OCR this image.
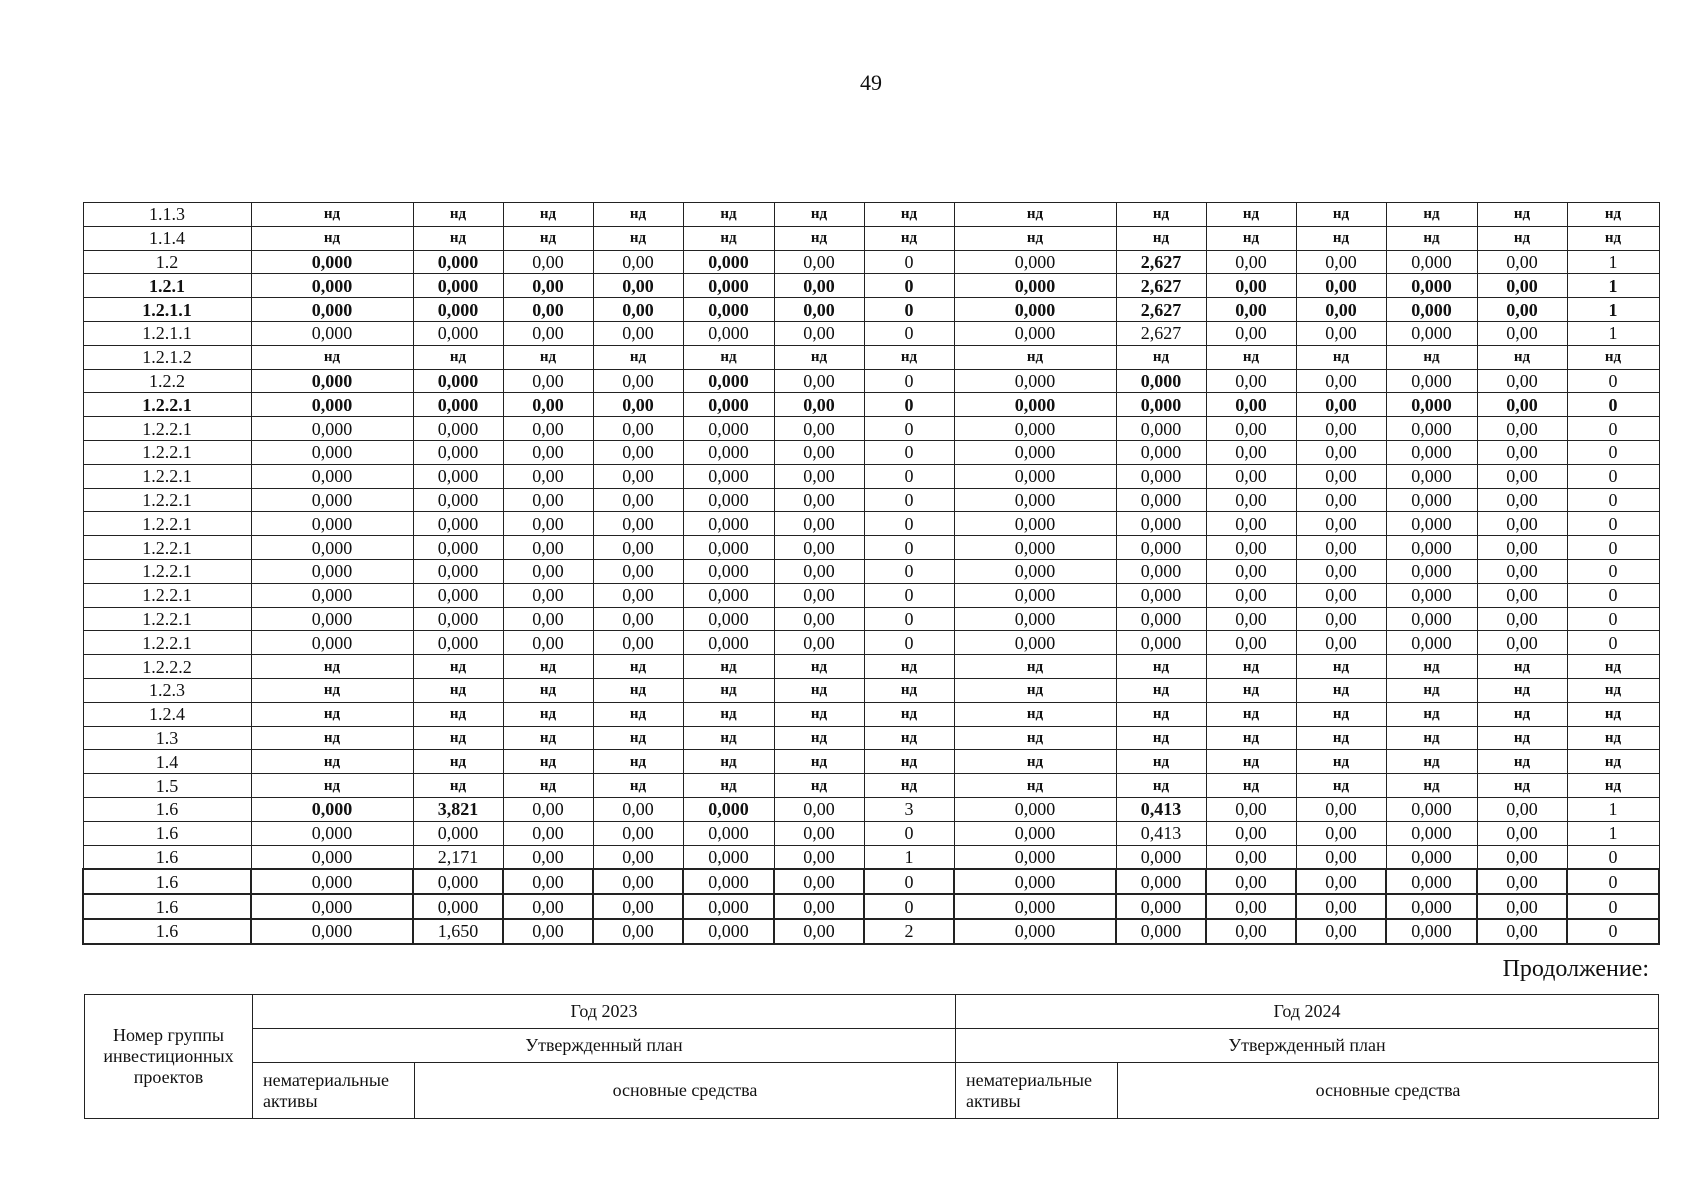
49
1.1.3	нд	нд	нд	нд	нд	нд	нд	нд	нд	нд	нд	нд	нд	нд
1.1.4	нд	нд	нд	нд	нд	нд	нд	нд	нд	нд	нд	нд	нд	нд
1.2	0,000	0,000	0,00	0,00	0,000	0,00	0	0,000	2,627	0,00	0,00	0,000	0,00	1
1.2.1	0,000	0,000	0,00	0,00	0,000	0,00	0	0,000	2,627	0,00	0,00	0,000	0,00	1
1.2.1.1	0,000	0,000	0,00	0,00	0,000	0,00	0	0,000	2,627	0,00	0,00	0,000	0,00	1
1.2.1.1	0,000	0,000	0,00	0,00	0,000	0,00	0	0,000	2,627	0,00	0,00	0,000	0,00	1
1.2.1.2	нд	нд	нд	нд	нд	нд	нд	нд	нд	нд	нд	нд	нд	нд
1.2.2	0,000	0,000	0,00	0,00	0,000	0,00	0	0,000	0,000	0,00	0,00	0,000	0,00	0
1.2.2.1	0,000	0,000	0,00	0,00	0,000	0,00	0	0,000	0,000	0,00	0,00	0,000	0,00	0
1.2.2.1	0,000	0,000	0,00	0,00	0,000	0,00	0	0,000	0,000	0,00	0,00	0,000	0,00	0
1.2.2.1	0,000	0,000	0,00	0,00	0,000	0,00	0	0,000	0,000	0,00	0,00	0,000	0,00	0
1.2.2.1	0,000	0,000	0,00	0,00	0,000	0,00	0	0,000	0,000	0,00	0,00	0,000	0,00	0
1.2.2.1	0,000	0,000	0,00	0,00	0,000	0,00	0	0,000	0,000	0,00	0,00	0,000	0,00	0
1.2.2.1	0,000	0,000	0,00	0,00	0,000	0,00	0	0,000	0,000	0,00	0,00	0,000	0,00	0
1.2.2.1	0,000	0,000	0,00	0,00	0,000	0,00	0	0,000	0,000	0,00	0,00	0,000	0,00	0
1.2.2.1	0,000	0,000	0,00	0,00	0,000	0,00	0	0,000	0,000	0,00	0,00	0,000	0,00	0
1.2.2.1	0,000	0,000	0,00	0,00	0,000	0,00	0	0,000	0,000	0,00	0,00	0,000	0,00	0
1.2.2.1	0,000	0,000	0,00	0,00	0,000	0,00	0	0,000	0,000	0,00	0,00	0,000	0,00	0
1.2.2.1	0,000	0,000	0,00	0,00	0,000	0,00	0	0,000	0,000	0,00	0,00	0,000	0,00	0
1.2.2.2	нд	нд	нд	нд	нд	нд	нд	нд	нд	нд	нд	нд	нд	нд
1.2.3	нд	нд	нд	нд	нд	нд	нд	нд	нд	нд	нд	нд	нд	нд
1.2.4	нд	нд	нд	нд	нд	нд	нд	нд	нд	нд	нд	нд	нд	нд
1.3	нд	нд	нд	нд	нд	нд	нд	нд	нд	нд	нд	нд	нд	нд
1.4	нд	нд	нд	нд	нд	нд	нд	нд	нд	нд	нд	нд	нд	нд
1.5	нд	нд	нд	нд	нд	нд	нд	нд	нд	нд	нд	нд	нд	нд
1.6	0,000	3,821	0,00	0,00	0,000	0,00	3	0,000	0,413	0,00	0,00	0,000	0,00	1
1.6	0,000	0,000	0,00	0,00	0,000	0,00	0	0,000	0,413	0,00	0,00	0,000	0,00	1
1.6	0,000	2,171	0,00	0,00	0,000	0,00	1	0,000	0,000	0,00	0,00	0,000	0,00	0
1.6	0,000	0,000	0,00	0,00	0,000	0,00	0	0,000	0,000	0,00	0,00	0,000	0,00	0
1.6	0,000	0,000	0,00	0,00	0,000	0,00	0	0,000	0,000	0,00	0,00	0,000	0,00	0
1.6	0,000	1,650	0,00	0,00	0,000	0,00	2	0,000	0,000	0,00	0,00	0,000	0,00	0
Продолжение:
Номер группы инвестиционных проектов	Год 2023		Год 2024	
	Утвержденный план		Утвержденный план	
	нематериальные активы	основные средства	нематериальные активы	основные средства
